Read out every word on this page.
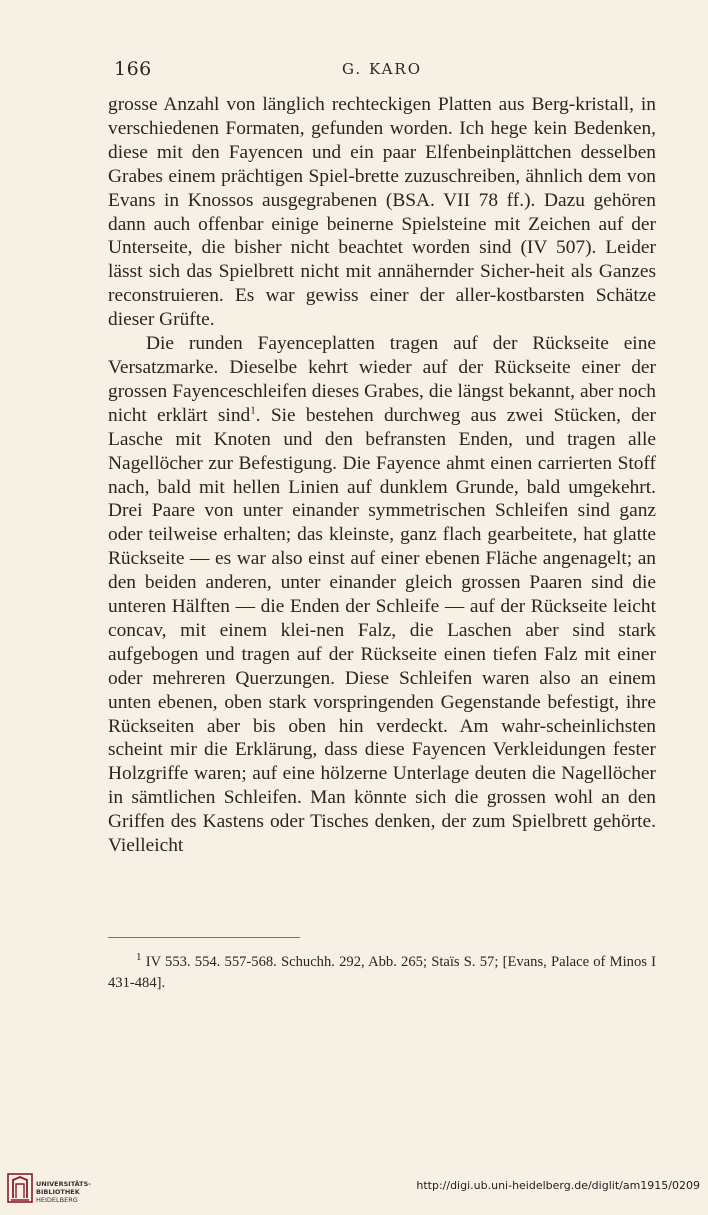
166	G. KARO

grosse Anzahl von länglich rechteckigen Platten aus Berg-kristall, in verschiedenen Formaten, gefunden worden. Ich hege kein Bedenken, diese mit den Fayencen und ein paar Elfenbeinplättchen desselben Grabes einem prächtigen Spiel-brette zuzuschreiben, ähnlich dem von Evans in Knossos ausgegrabenen (BSA. VII 78 ff.). Dazu gehören dann auch offenbar einige beinerne Spielsteine mit Zeichen auf der Unterseite, die bisher nicht beachtet worden sind (IV 507). Leider lässt sich das Spielbrett nicht mit annähernder Sicher-heit als Ganzes reconstruieren. Es war gewiss einer der aller-kostbarsten Schätze dieser Grüfte.

Die runden Fayenceplatten tragen auf der Rückseite eine Versatzmarke. Dieselbe kehrt wieder auf der Rückseite einer der grossen Fayenceschleifen dieses Grabes, die längst bekannt, aber noch nicht erklärt sind$^1$. Sie bestehen durchweg aus zwei Stücken, der Lasche mit Knoten und den befransten Enden, und tragen alle Nagellöcher zur Befestigung. Die Fayence ahmt einen carrierten Stoff nach, bald mit hellen Linien auf dunklem Grunde, bald umgekehrt. Drei Paare von unter einander symmetrischen Schleifen sind ganz oder teilweise erhalten; das kleinste, ganz flach gearbeitete, hat glatte Rückseite — es war also einst auf einer ebenen Fläche angenagelt; an den beiden anderen, unter einander gleich grossen Paaren sind die unteren Hälften — die Enden der Schleife — auf der Rückseite leicht concav, mit einem klei-nen Falz, die Laschen aber sind stark aufgebogen und tragen auf der Rückseite einen tiefen Falz mit einer oder mehreren Querzungen. Diese Schleifen waren also an einem unten ebenen, oben stark vorspringenden Gegenstande befestigt, ihre Rückseiten aber bis oben hin verdeckt. Am wahr-scheinlichsten scheint mir die Erklärung, dass diese Fayencen Verkleidungen fester Holzgriffe waren; auf eine hölzerne Unterlage deuten die Nagellöcher in sämtlichen Schleifen. Man könnte sich die grossen wohl an den Griffen des Kastens oder Tisches denken, der zum Spielbrett gehörte. Vielleicht

$^1$ IV 553. 554. 557-568. Schuchh. 292, Abb. 265; Staïs S. 57; [Evans, Palace of Minos I 431-484].
UNIVERSITÄTS-
BIBLIOTHEK
HEIDELBERG
http://digi.ub.uni-heidelberg.de/diglit/am1915/0209
